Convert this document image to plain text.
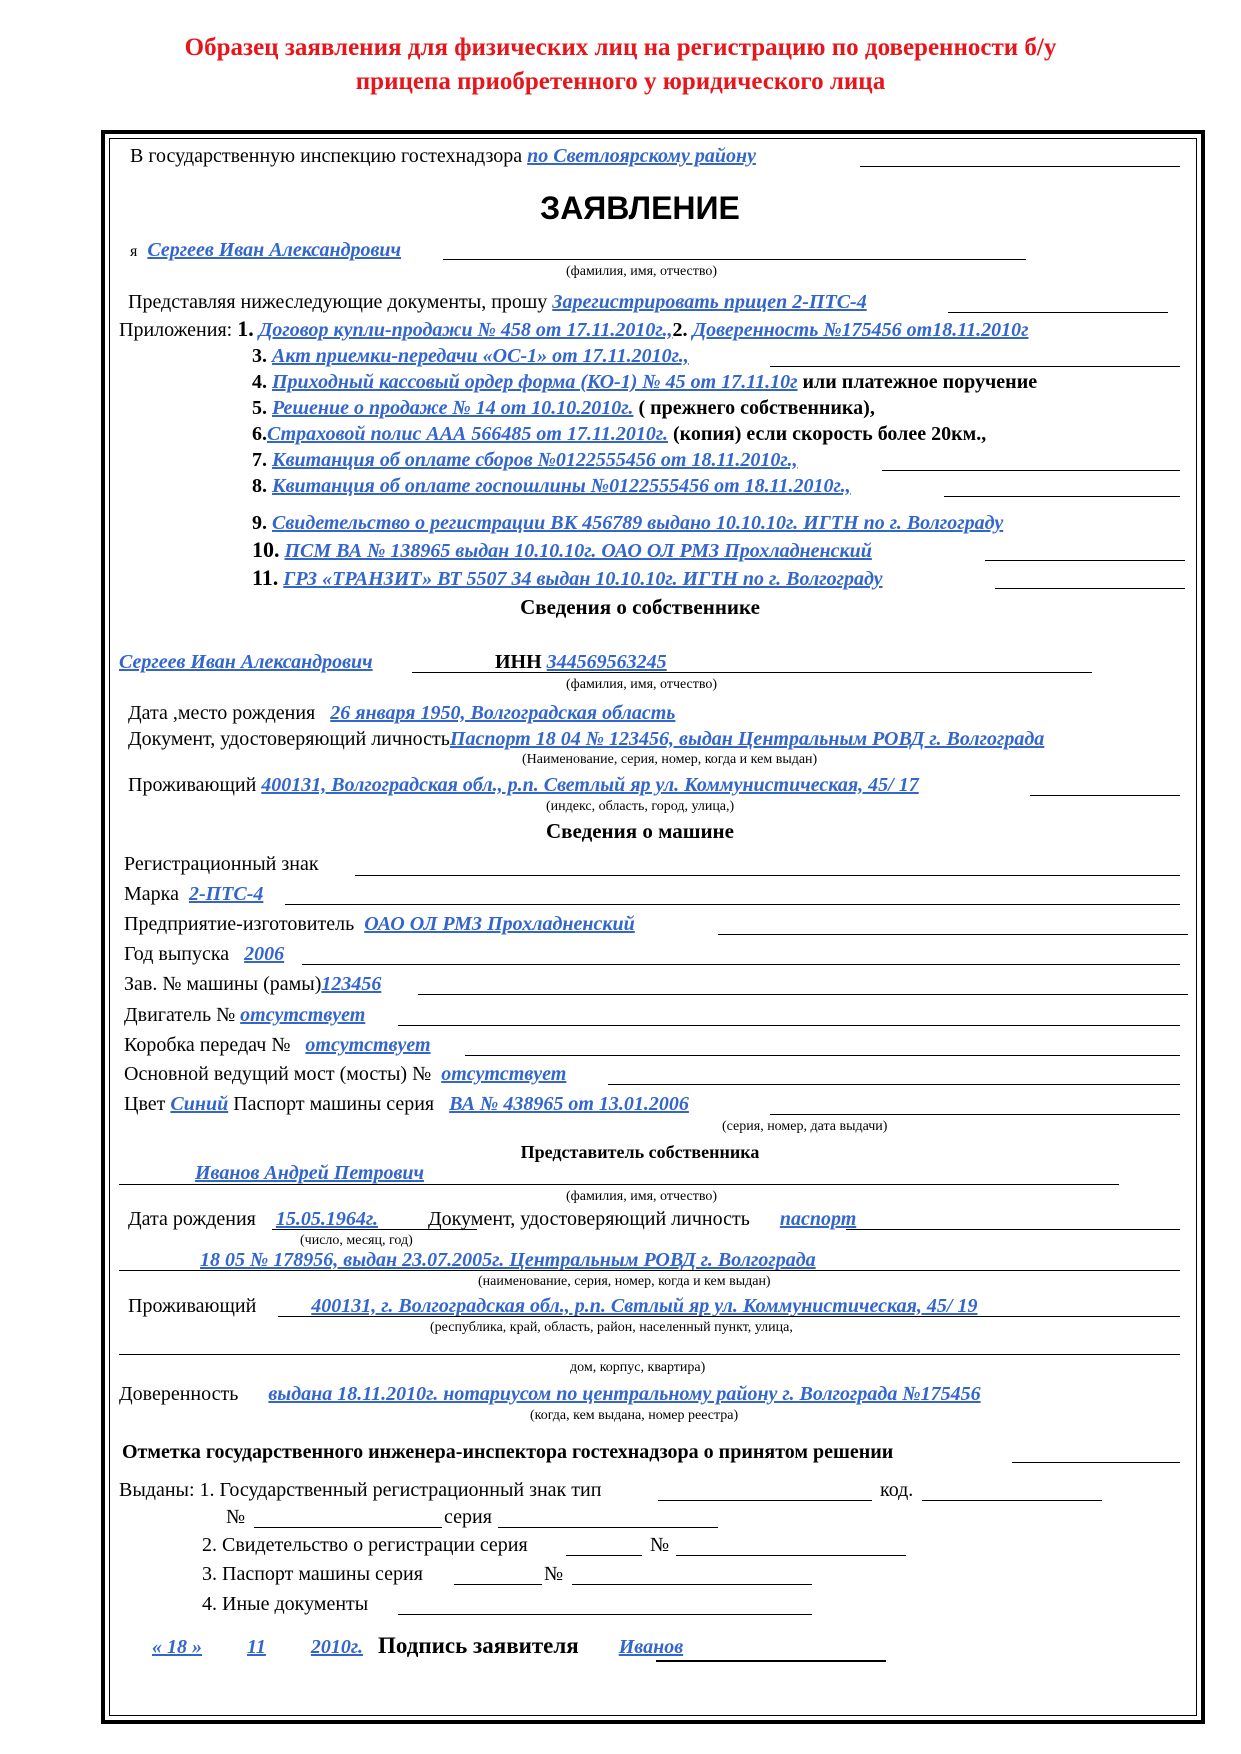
Образец заявления для физических лиц на регистрацию по доверенности б/у
прицепа приобретенного у юридического лица
В государственную инспекцию гостехнадзора по Светлоярскому району
ЗАЯВЛЕНИЕ
я Сергеев Иван Александрович
(фамилия, имя, отчество)
Представляя нижеследующие документы, прошу Зарегистрировать прицеп 2-ПТС-4
Приложения: 1. Договор купли-продажи № 458 от 17.11.2010г.,2. Доверенность №175456 от18.11.2010г
3. Акт приемки-передачи «ОС-1» от 17.11.2010г.,
4. Приходный кассовый ордер форма (КО-1) № 45 от 17.11.10г или платежное поручение
5. Решение о продаже № 14 от 10.10.2010г. ( прежнего собственника),
6.Страховой полис ААА 566485 от 17.11.2010г. (копия) если скорость более 20км.,
7. Квитанция об оплате сборов №0122555456 от 18.11.2010г.,
8. Квитанция об оплате госпошлины №0122555456 от 18.11.2010г.,
9. Свидетельство о регистрации ВК 456789 выдано 10.10.10г. ИГТН по г. Волгограду
10. ПСМ ВА № 138965 выдан 10.10.10г. ОАО ОЛ РМЗ Прохладненский
11. ГРЗ «ТРАНЗИТ» ВТ 5507 34 выдан 10.10.10г. ИГТН по г. Волгограду
Сведения о собственнике
Сергеев Иван Александрович	ИНН 344569563245
(фамилия, имя, отчество)
Дата ,место рождения 26 января 1950, Волгоградская область
Документ, удостоверяющий личностьПаспорт 18 04 № 123456, выдан Центральным РОВД г. Волгограда
(Наименование, серия, номер, когда и кем выдан)
Проживающий 400131, Волгоградская обл., р.п. Светлый яр ул. Коммунистическая, 45/ 17
(индекс, область, город, улица,)
Сведения о машине
Регистрационный знак
Марка 2-ПТС-4
Предприятие-изготовитель ОАО ОЛ РМЗ Прохладненский
Год выпуска 2006
Зав. № машины (рамы)123456
Двигатель № отсутствует
Коробка передач № отсутствует
Основной ведущий мост (мосты) № отсутствует
Цвет Синий Паспорт машины серия ВА № 438965 от 13.01.2006
(серия, номер, дата выдачи)
Представитель собственника
Иванов Андрей Петрович
(фамилия, имя, отчество)
Дата рождения 15.05.1964г.	Документ, удостоверяющий личность паспорт
(число, месяц, год)
18 05 № 178956, выдан 23.07.2005г. Центральным РОВД г. Волгограда
(наименование, серия, номер, когда и кем выдан)
Проживающий	400131, г. Волгоградская обл., р.п. Свтлый яр ул. Коммунистическая, 45/ 19
(республика, край, область, район, населенный пункт, улица,
дом, корпус, квартира)
Доверенность выдана 18.11.2010г. нотариусом по центральному району г. Волгограда №175456
(когда, кем выдана, номер реестра)
Отметка государственного инженера-инспектора гостехнадзора о принятом решении
Выданы: 1. Государственный регистрационный знак тип	код.
№	серия
2. Свидетельство о регистрации серия	№
3. Паспорт машины серия	№
4. Иные документы
« 18 » 11 2010г. Подпись заявителя Иванов
